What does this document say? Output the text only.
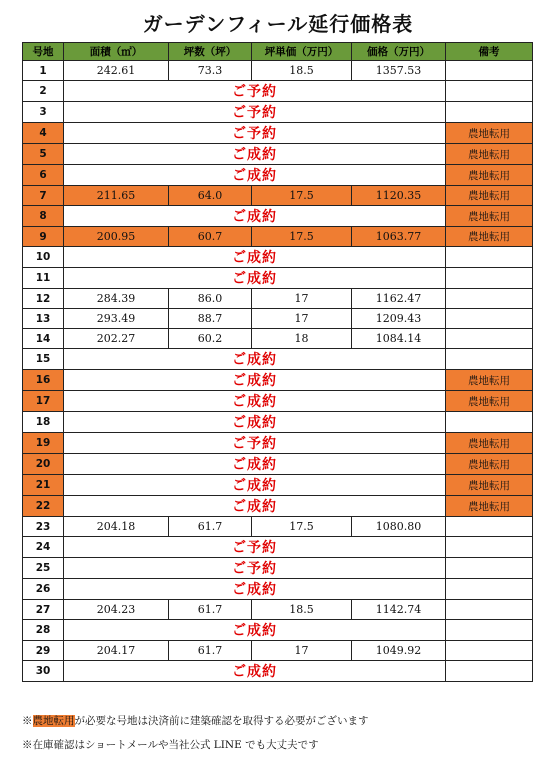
ガーデンフィール延行価格表
号地	面積（㎡）	坪数（坪）	坪単価（万円）	価格（万円）	備考
1	242.61	73.3	18.5	1357.53	
2	ご予約				
3	ご予約				
4	ご予約				農地転用
5	ご成約				農地転用
6	ご成約				農地転用
7	211.65	64.0	17.5	1120.35	農地転用
8	ご成約				農地転用
9	200.95	60.7	17.5	1063.77	農地転用
10	ご成約				
11	ご成約				
12	284.39	86.0	17	1162.47	
13	293.49	88.7	17	1209.43	
14	202.27	60.2	18	1084.14	
15	ご成約				
16	ご成約				農地転用
17	ご成約				農地転用
18	ご成約				
19	ご予約				農地転用
20	ご成約				農地転用
21	ご成約				農地転用
22	ご成約				農地転用
23	204.18	61.7	17.5	1080.80	
24	ご予約				
25	ご予約				
26	ご成約				
27	204.23	61.7	18.5	1142.74	
28	ご成約				
29	204.17	61.7	17	1049.92	
30	ご成約				
※農地転用が必要な号地は決済前に建築確認を取得する必要がございます
※在庫確認はショートメールや当社公式 LINE でも大丈夫です
